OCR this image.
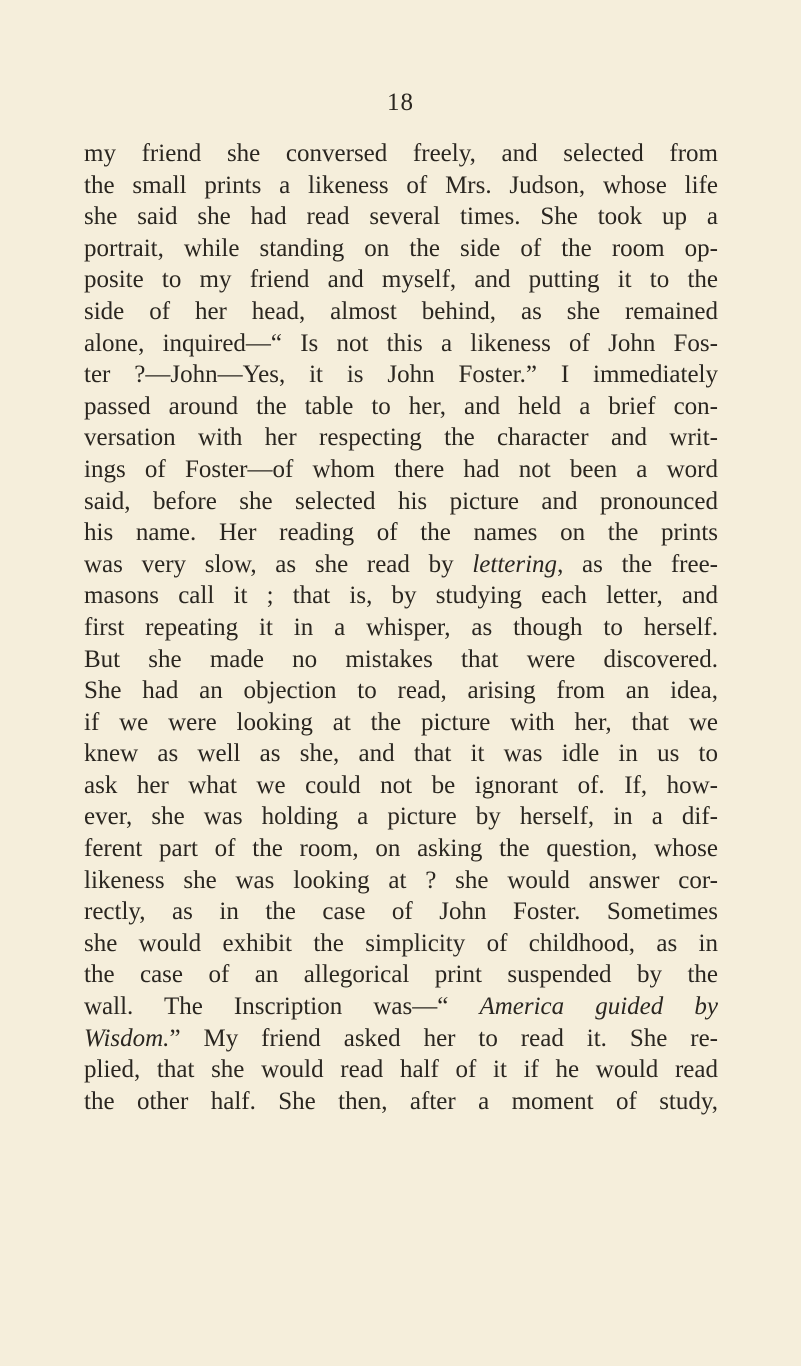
18
my friend she conversed freely, and selected from
the small prints a likeness of Mrs. Judson, whose life
she said she had read several times. She took up a
portrait, while standing on the side of the room op-
posite to my friend and myself, and putting it to the
side of her head, almost behind, as she remained
alone, inquired—“ Is not this a likeness of John Fos-
ter ?—John—Yes, it is John Foster.” I immediately
passed around the table to her, and held a brief con-
versation with her respecting the character and writ-
ings of Foster—of whom there had not been a word
said, before she selected his picture and pronounced
his name. Her reading of the names on the prints
was very slow, as she read by lettering, as the free-
masons call it ; that is, by studying each letter, and
first repeating it in a whisper, as though to herself.
But she made no mistakes that were discovered.
She had an objection to read, arising from an idea,
if we were looking at the picture with her, that we
knew as well as she, and that it was idle in us to
ask her what we could not be ignorant of. If, how-
ever, she was holding a picture by herself, in a dif-
ferent part of the room, on asking the question, whose
likeness she was looking at ? she would answer cor-
rectly, as in the case of John Foster. Sometimes
she would exhibit the simplicity of childhood, as in
the case of an allegorical print suspended by the
wall. The Inscription was—“ America guided by
Wisdom.” My friend asked her to read it. She re-
plied, that she would read half of it if he would read
the other half. She then, after a moment of study,
